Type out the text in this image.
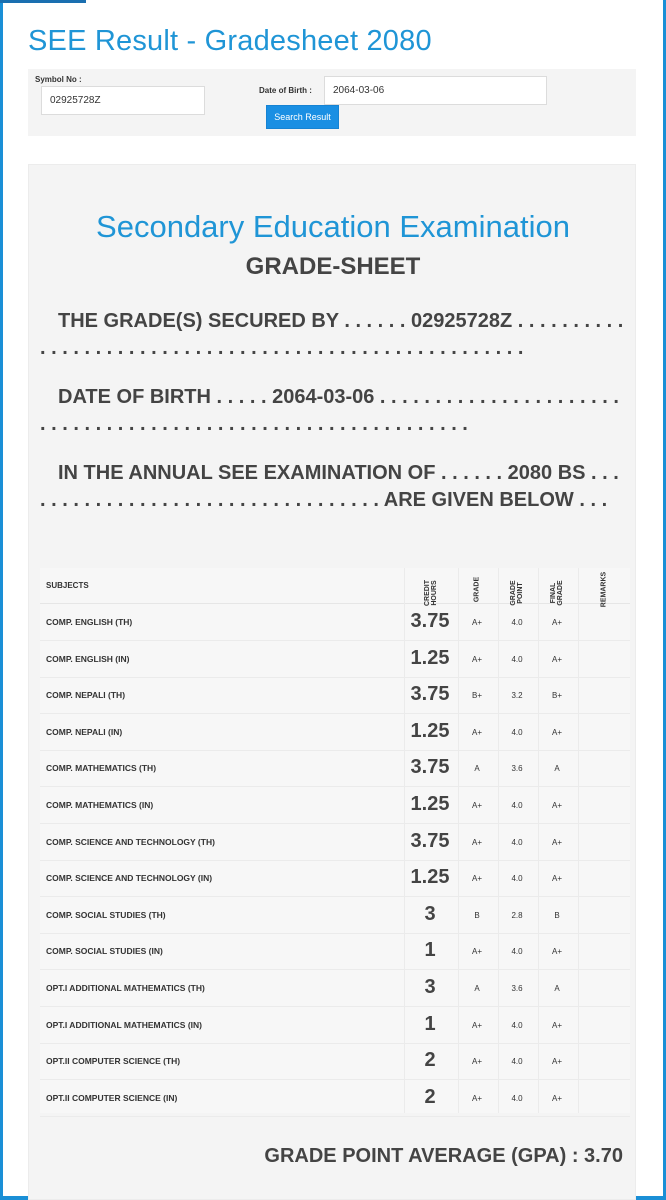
SEE Result - Gradesheet 2080
Symbol No :
02925728Z
Date of Birth :
2064-03-06
Search Result
Secondary Education Examination
GRADE-SHEET
THE GRADE(S) SECURED BY . . . . . . 02925728Z . . . . . . . . . . . . . . . . . . . . . . . . . . . . . . . . . . . . . . . . . . . . . . . . . . . . . .
DATE OF BIRTH . . . . . 2064-03-06 . . . . . . . . . . . . . . . . . . . . . . . . . . . . . . . . . . . . . . . . . . . . . . . . . . . . . . . . . . . . .
IN THE ANNUAL SEE EXAMINATION OF . . . . . . 2080 BS . . . . . . . . . . . . . . . . . . . . . . . . . . . . . . . . . . ARE GIVEN BELOW . . .
SUBJECTS	CREDIT HOURS	GRADE	GRADE POINT	FINAL GRADE	REMARKS
COMP. ENGLISH (TH)	3.75	A+	4.0	A+
COMP. ENGLISH (IN)	1.25	A+	4.0	A+
COMP. NEPALI (TH)	3.75	B+	3.2	B+
COMP. NEPALI (IN)	1.25	A+	4.0	A+
COMP. MATHEMATICS (TH)	3.75	A	3.6	A
COMP. MATHEMATICS (IN)	1.25	A+	4.0	A+
COMP. SCIENCE AND TECHNOLOGY (TH)	3.75	A+	4.0	A+
COMP. SCIENCE AND TECHNOLOGY (IN)	1.25	A+	4.0	A+
COMP. SOCIAL STUDIES (TH)	3	B	2.8	B
COMP. SOCIAL STUDIES (IN)	1	A+	4.0	A+
OPT.I ADDITIONAL MATHEMATICS (TH)	3	A	3.6	A
OPT.I ADDITIONAL MATHEMATICS (IN)	1	A+	4.0	A+
OPT.II COMPUTER SCIENCE (TH)	2	A+	4.0	A+
OPT.II COMPUTER SCIENCE (IN)	2	A+	4.0	A+
GRADE POINT AVERAGE (GPA) : 3.70
